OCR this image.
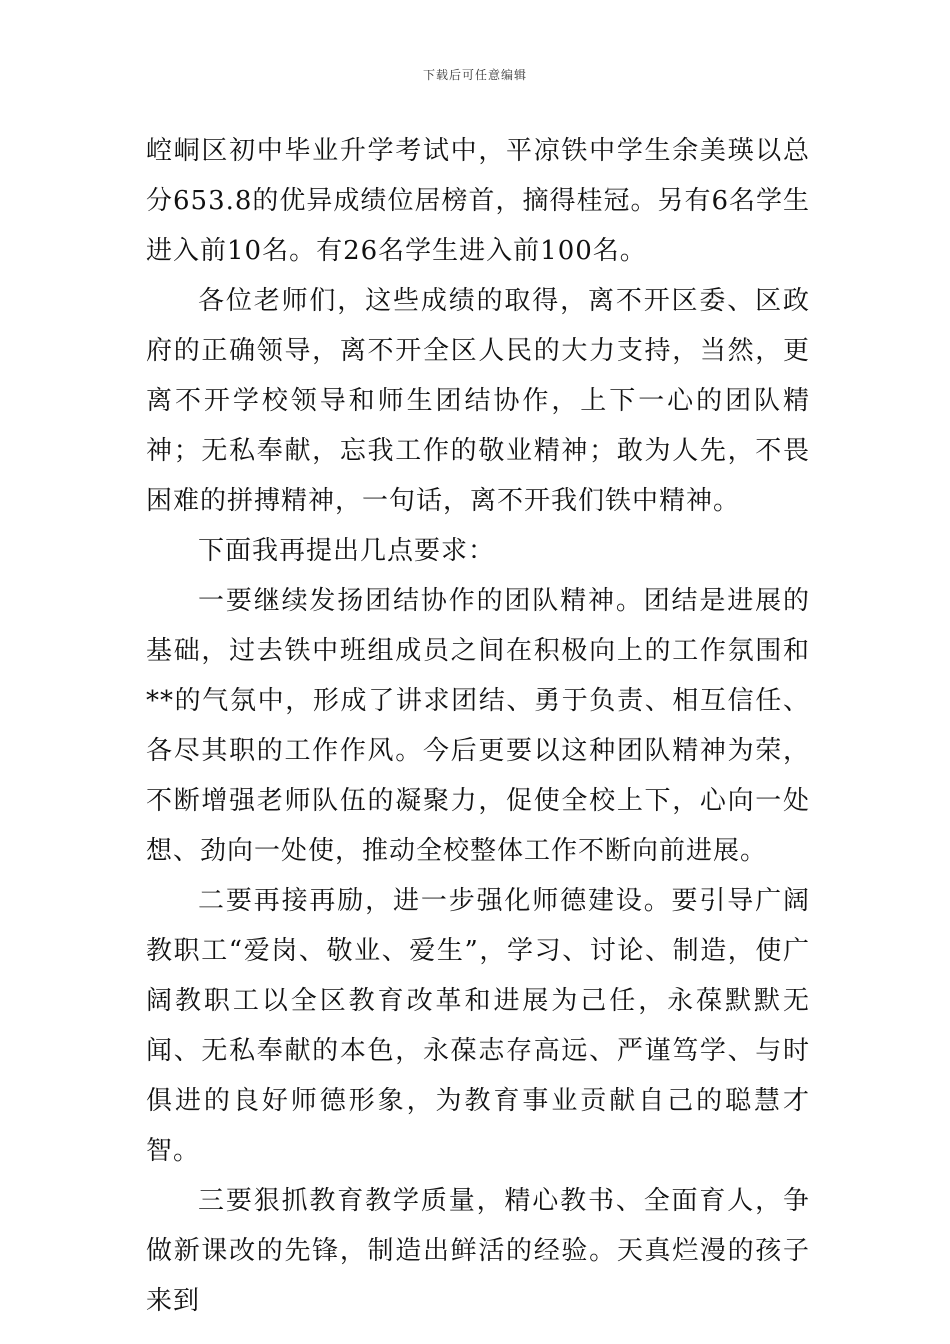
下载后可任意编辑

崆峒区初中毕业升学考试中，平凉铁中学生余美瑛以总分653.8的优异成绩位居榜首，摘得桂冠。另有6名学生进入前10名。有26名学生进入前100名。

各位老师们，这些成绩的取得，离不开区委、区政府的正确领导，离不开全区人民的大力支持，当然，更离不开学校领导和师生团结协作，上下一心的团队精神；无私奉献，忘我工作的敬业精神；敢为人先，不畏困难的拼搏精神，一句话，离不开我们铁中精神。

下面我再提出几点要求：

一要继续发扬团结协作的团队精神。团结是进展的基础，过去铁中班组成员之间在积极向上的工作氛围和**的气氛中，形成了讲求团结、勇于负责、相互信任、各尽其职的工作作风。今后更要以这种团队精神为荣，不断增强老师队伍的凝聚力，促使全校上下，心向一处想、劲向一处使，推动全校整体工作不断向前进展。

二要再接再励，进一步强化师德建设。要引导广阔教职工“爱岗、敬业、爱生”，学习、讨论、制造，使广阔教职工以全区教育改革和进展为己任，永葆默默无闻、无私奉献的本色，永葆志存高远、严谨笃学、与时俱进的良好师德形象，为教育事业贡献自己的聪慧才智。

三要狠抓教育教学质量，精心教书、全面育人，争做新课改的先锋，制造出鲜活的经验。天真烂漫的孩子来到
